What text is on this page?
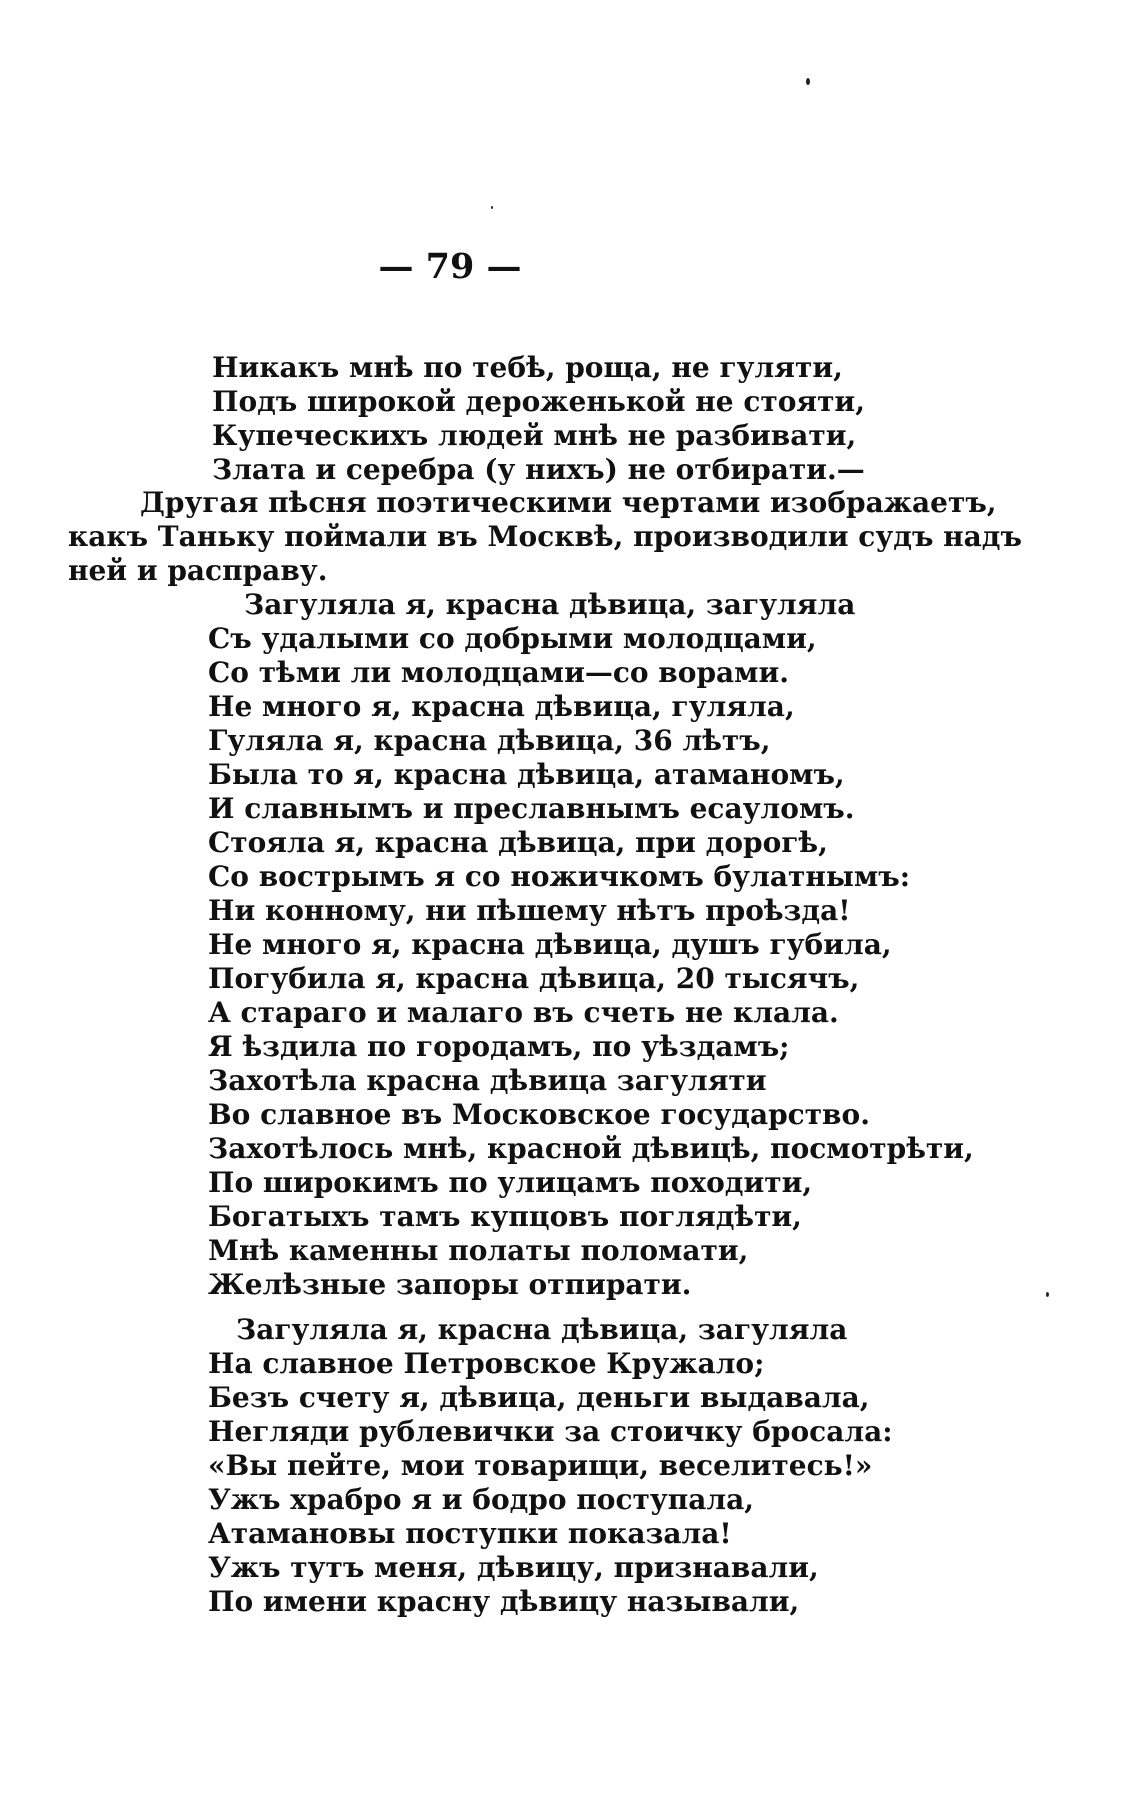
— 79 —
Никакъ мнѣ по тебѣ, роща, не гуляти,
Подъ широкой дероженькой не стояти,
Купеческихъ людей мнѣ не разбивати,
Злата и серебра (у нихъ) не отбирати.—
Другая пѣсня поэтическими чертами изображаетъ,
какъ Таньку поймали въ Москвѣ, производили судъ надъ
ней и расправу.
Загуляла я, красна дѣвица, загуляла
Съ удалыми со добрыми молодцами,
Со тѣми ли молодцами—со ворами.
Не много я, красна дѣвица, гуляла,
Гуляла я, красна дѣвица, 36 лѣтъ,
Была то я, красна дѣвица, атаманомъ,
И славнымъ и преславнымъ есауломъ.
Стояла я, красна дѣвица, при дорогѣ,
Со вострымъ я со ножичкомъ булатнымъ:
Ни конному, ни пѣшему нѣтъ проѣзда!
Не много я, красна дѣвица, душъ губила,
Погубила я, красна дѣвица, 20 тысячъ,
А стараго и малаго въ счеть не клала.
Я ѣздила по городамъ, по уѣздамъ;
Захотѣла красна дѣвица загуляти
Во славное въ Московское государство.
Захотѣлось мнѣ, красной дѣвицѣ, посмотрѣти,
По широкимъ по улицамъ походити,
Богатыхъ тамъ купцовъ поглядѣти,
Мнѣ каменны полаты поломати,
Желѣзные запоры отпирати.
Загуляла я, красна дѣвица, загуляла
На славное Петровское Кружало;
Безъ счету я, дѣвица, деньги выдавала,
Негляди рублевички за стоичку бросала:
«Вы пейте, мои товарищи, веселитесь!»
Ужъ храбро я и бодро поступала,
Атамановы поступки показала!
Ужъ тутъ меня, дѣвицу, признавали,
По имени красну дѣвицу называли,
